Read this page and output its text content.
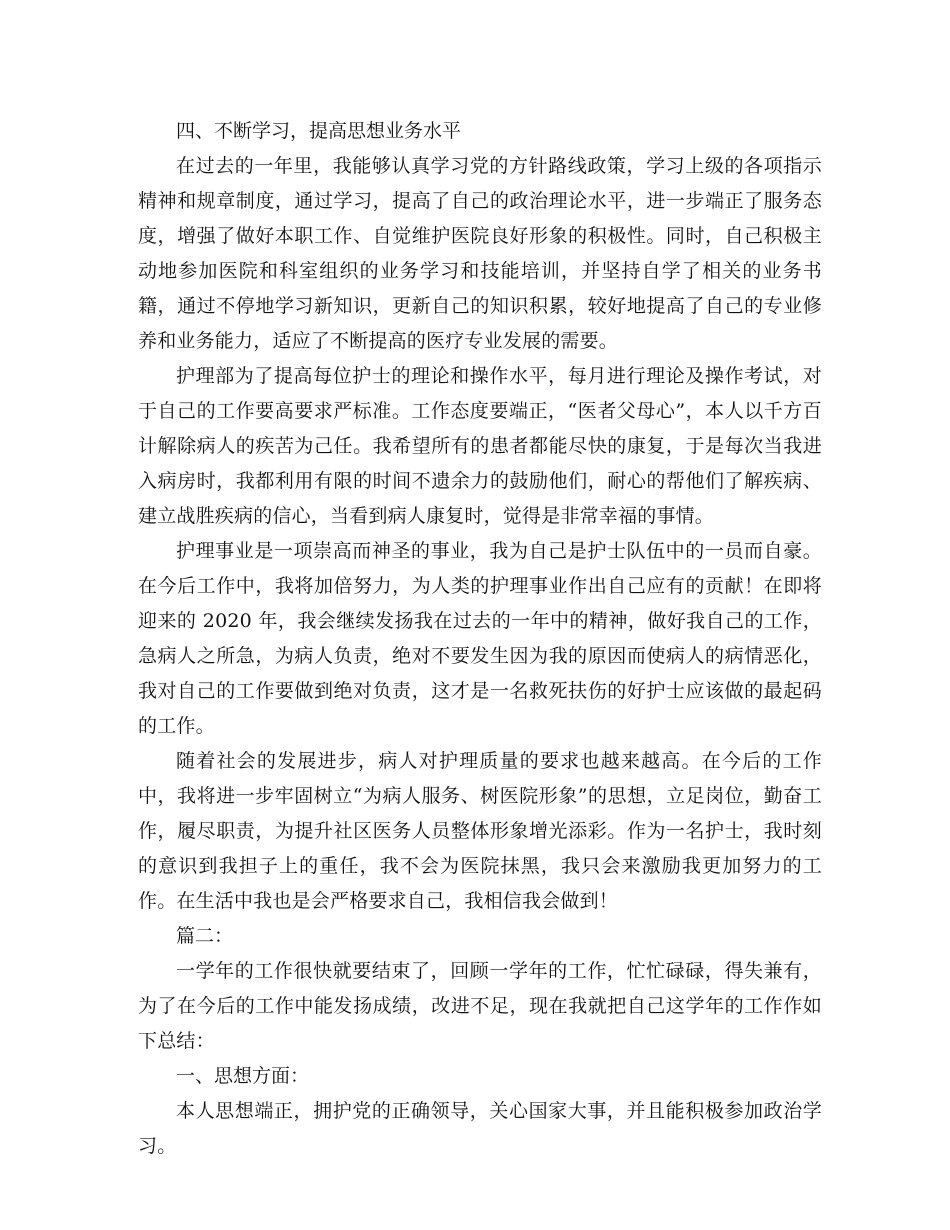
四、不断学习，提高思想业务水平

在过去的一年里，我能够认真学习党的方针路线政策，学习上级的各项指示精神和规章制度，通过学习，提高了自己的政治理论水平，进一步端正了服务态度，增强了做好本职工作、自觉维护医院良好形象的积极性。同时，自己积极主动地参加医院和科室组织的业务学习和技能培训，并坚持自学了相关的业务书籍，通过不停地学习新知识，更新自己的知识积累，较好地提高了自己的专业修养和业务能力，适应了不断提高的医疗专业发展的需要。

护理部为了提高每位护士的理论和操作水平，每月进行理论及操作考试，对于自己的工作要高要求严标准。工作态度要端正，“医者父母心”，本人以千方百计解除病人的疾苦为己任。我希望所有的患者都能尽快的康复，于是每次当我进入病房时，我都利用有限的时间不遗余力的鼓励他们，耐心的帮他们了解疾病、建立战胜疾病的信心，当看到病人康复时，觉得是非常幸福的事情。

护理事业是一项崇高而神圣的事业，我为自己是护士队伍中的一员而自豪。在今后工作中，我将加倍努力，为人类的护理事业作出自己应有的贡献！在即将迎来的 2020 年，我会继续发扬我在过去的一年中的精神，做好我自己的工作，急病人之所急，为病人负责，绝对不要发生因为我的原因而使病人的病情恶化，我对自己的工作要做到绝对负责，这才是一名救死扶伤的好护士应该做的最起码的工作。

随着社会的发展进步，病人对护理质量的要求也越来越高。在今后的工作中，我将进一步牢固树立“为病人服务、树医院形象”的思想，立足岗位，勤奋工作，履尽职责，为提升社区医务人员整体形象增光添彩。作为一名护士，我时刻的意识到我担子上的重任，我不会为医院抹黑，我只会来激励我更加努力的工作。在生活中我也是会严格要求自己，我相信我会做到！

篇二：

一学年的工作很快就要结束了，回顾一学年的工作，忙忙碌碌，得失兼有，为了在今后的工作中能发扬成绩，改进不足，现在我就把自己这学年的工作作如下总结：

一、思想方面：

本人思想端正，拥护党的正确领导，关心国家大事，并且能积极参加政治学习。
